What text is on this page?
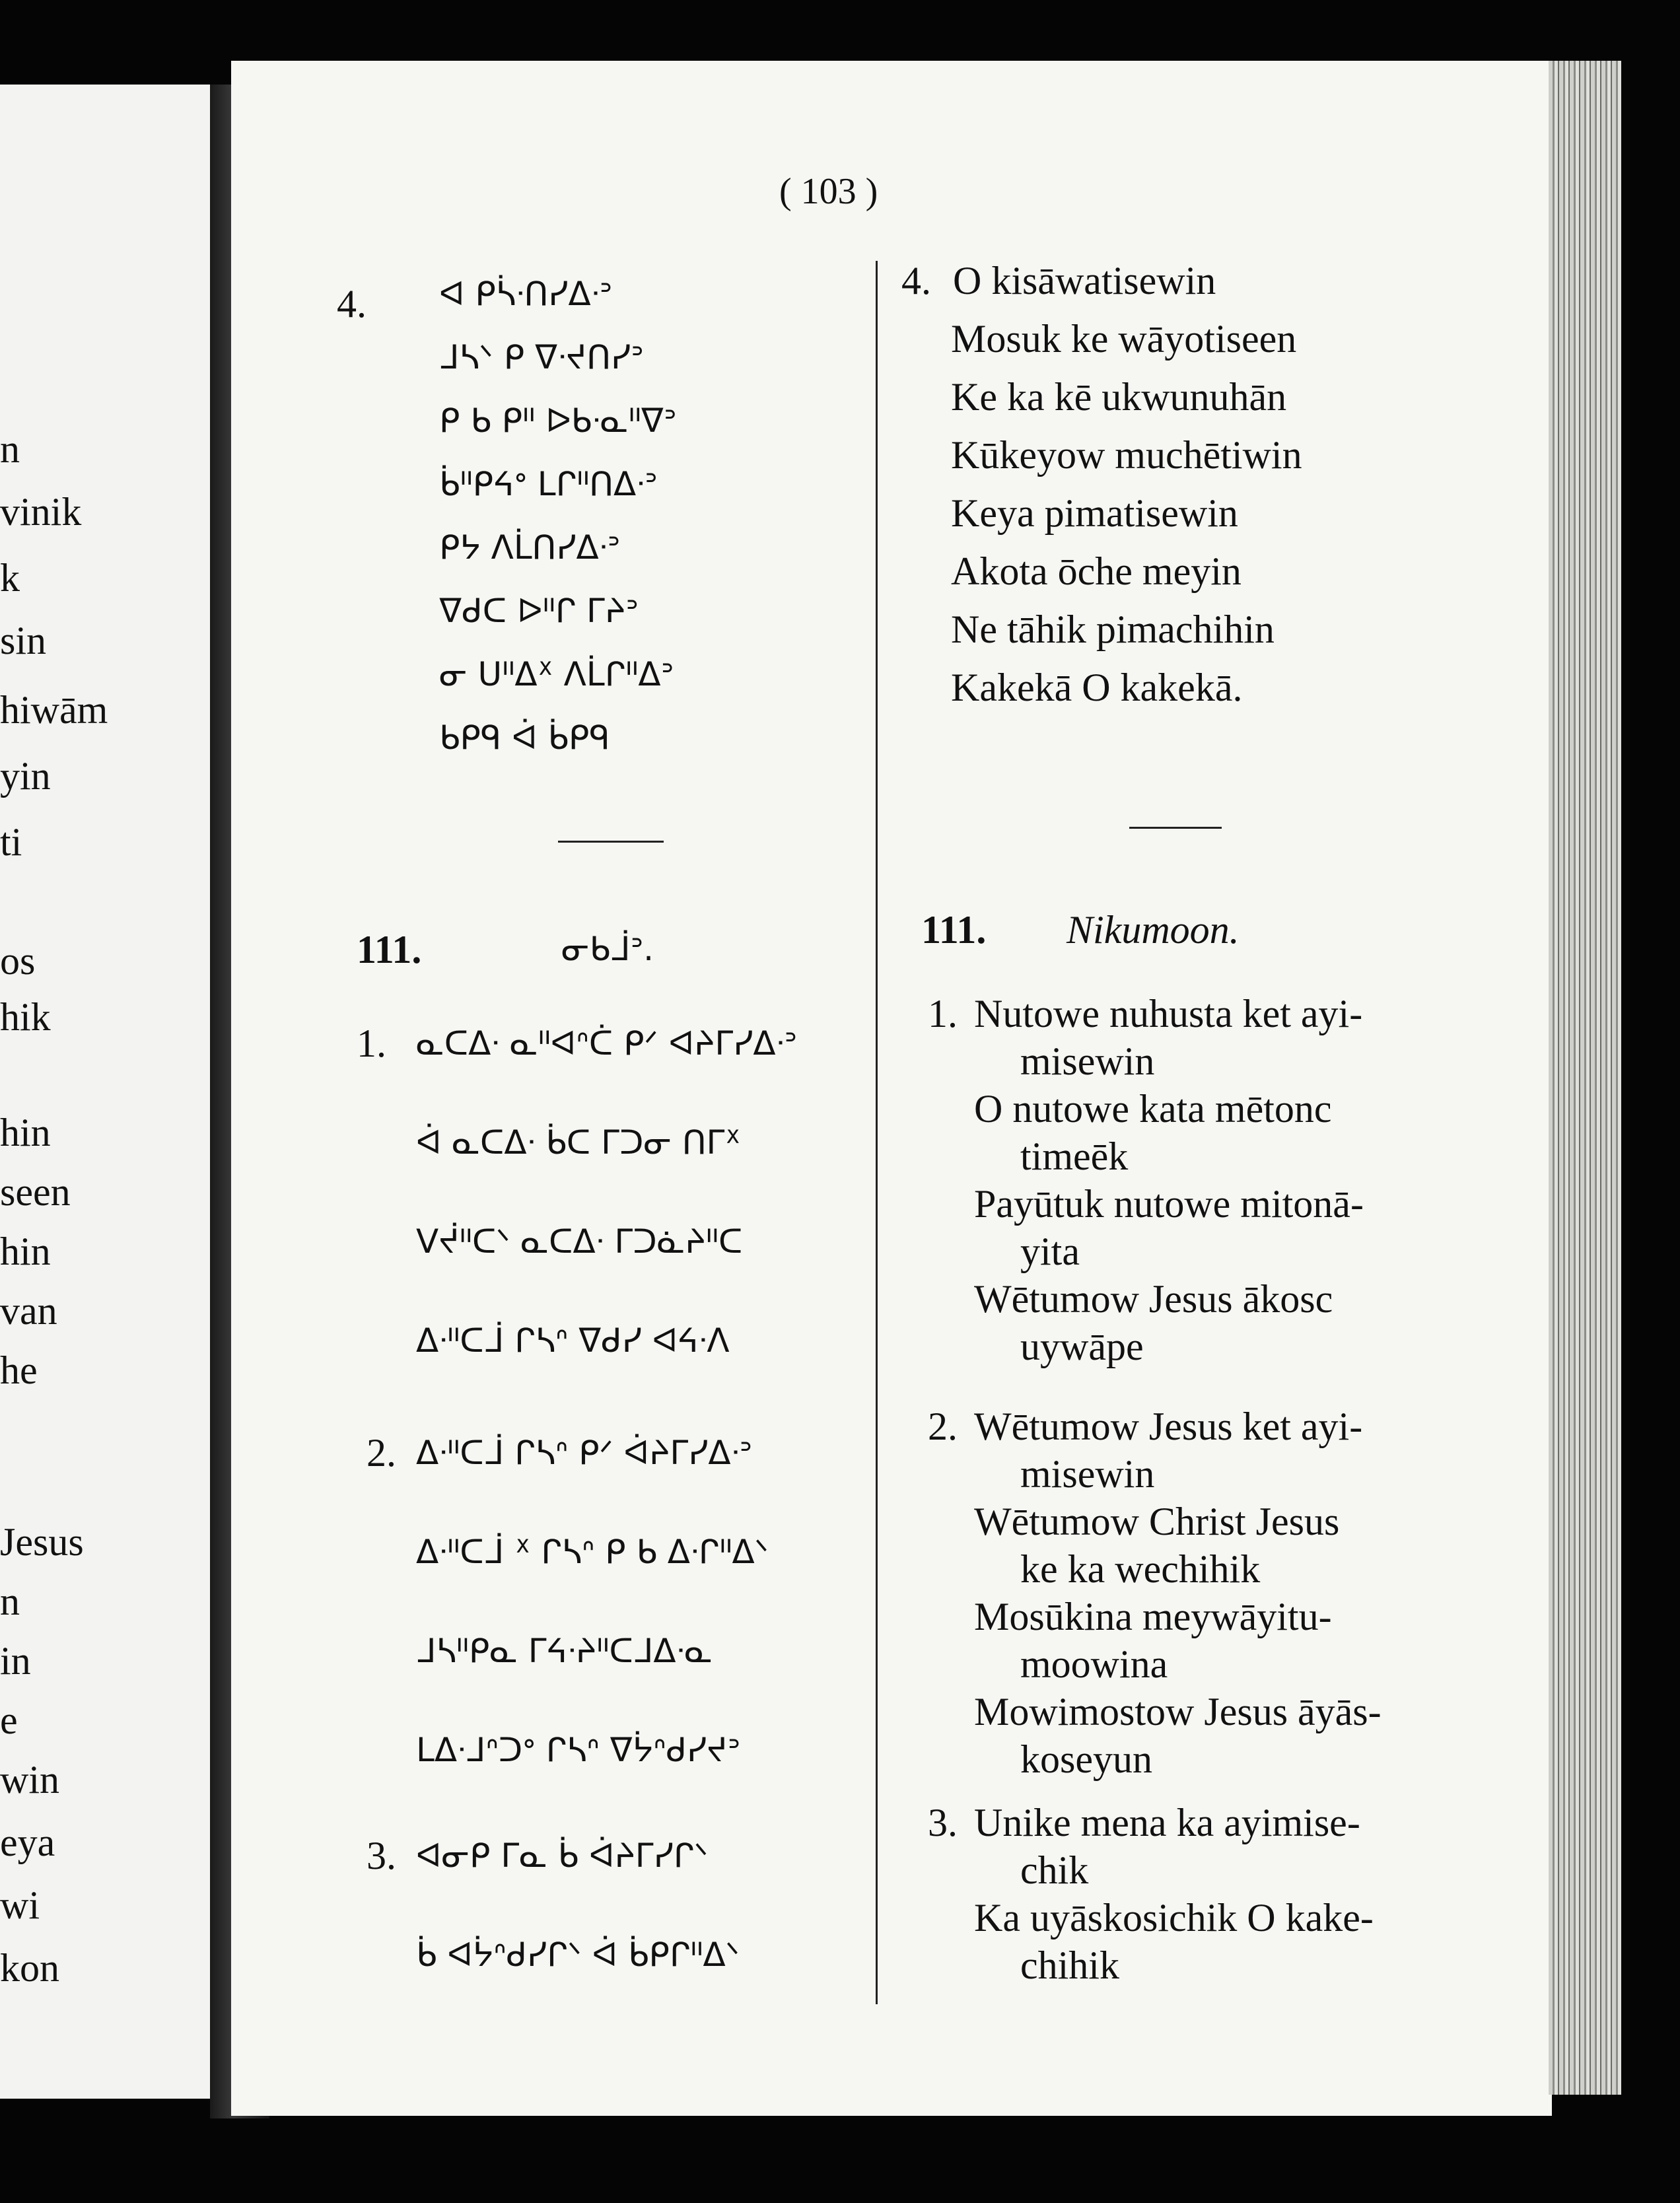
n
vinik
k
sin
hiwām
yin
ti
os
hik
hin
seen
hin
van
he
Jesus
n
in
e
win
eya
wi
kon
( 103 )
4. ᐊ ᑭᓵᐧᑎᓯᐃᐧᐣ
ᒧᓴᐠ ᑭ ᐁᐧᔪᑎᓯᐣ
ᑭ ᑲ ᑭᐦ ᐅᑲᐧᓇᐦᐁᐣ
ᑳᐦᑭᔦᐤ ᒪᒋᐦᑎᐃᐧᐣ
ᑭᔭ ᐱᒫᑎᓯᐃᐧᐣ
ᐁᑯᑕ ᐅᐦᒋ ᒥᔨᐣ
ᓂ ᑌᐦᐃᕽ ᐱᒫᒋᐦᐃᐣ
ᑲᑭᑫ ᐋ ᑳᑭᑫ
111.	ᓂᑲᒨᐣ.
1. ᓇᑕᐃᐧ ᓇᐦᐊᐢᑖ ᑭᐟ ᐊᔨᒥᓯᐃᐧᐣ
ᐋ ᓇᑕᐃᐧ ᑳᑕ ᒥᑐᓂ ᑎᒥᕽ
ᐯᔫᐦᑕᐠ ᓇᑕᐃᐧ ᒥᑐᓈᔨᐦᑕ
ᐃᐧᐦᑕᒨ ᒋᓴᐢ ᐁᑯᓯ ᐊᔦᐧᐱ
2. ᐃᐧᐦᑕᒨ ᒋᓴᐢ ᑭᐟ ᐋᔨᒥᓯᐃᐧᐣ
ᐃᐧᐦᑕᒨ ᕽ ᒋᓴᐢ ᑭ ᑲ ᐃᐧᒋᐦᐃᐠ
ᒧᓴᐦᑭᓇ ᒥᔦᐧᔨᐦᑕᒧᐃᐧᓇ
ᒪᐃᐧᒧᐢᑐᐤ ᒋᓴᐢ ᐁᔮᐢᑯᓯᔪᐣ
3. ᐊᓂᑭ ᒥᓇ ᑳ ᐋᔨᒥᓯᒋᐠ
ᑳ ᐊᔮᐢᑯᓯᒋᐠ ᐋ ᑳᑭᒋᐦᐃᐠ
4. O kisāwatisewin
Mosuk ke wāyotiseen
Ke ka kē ukwunuhān
Kūkeyow muchētiwin
Keya pimatisewin
Akota ōche meyin
Ne tāhik pimachihin
Kakekā O kakekā.
111. Nikumoon.
1. Nutowe nuhusta ket ayi-
misewin
O nutowe kata mētonc
timeēk
Payūtuk nutowe mitonā-
yita
Wētumow Jesus ākosc
uywāpe
2. Wētumow Jesus ket ayi-
misewin
Wētumow Christ Jesus
ke ka wechihik
Mosūkina meywāyitu-
moowina
Mowimostow Jesus āyās-
koseyun
3. Unike mena ka ayimise-
chik
Ka uyāskosichik O kake-
chihik
